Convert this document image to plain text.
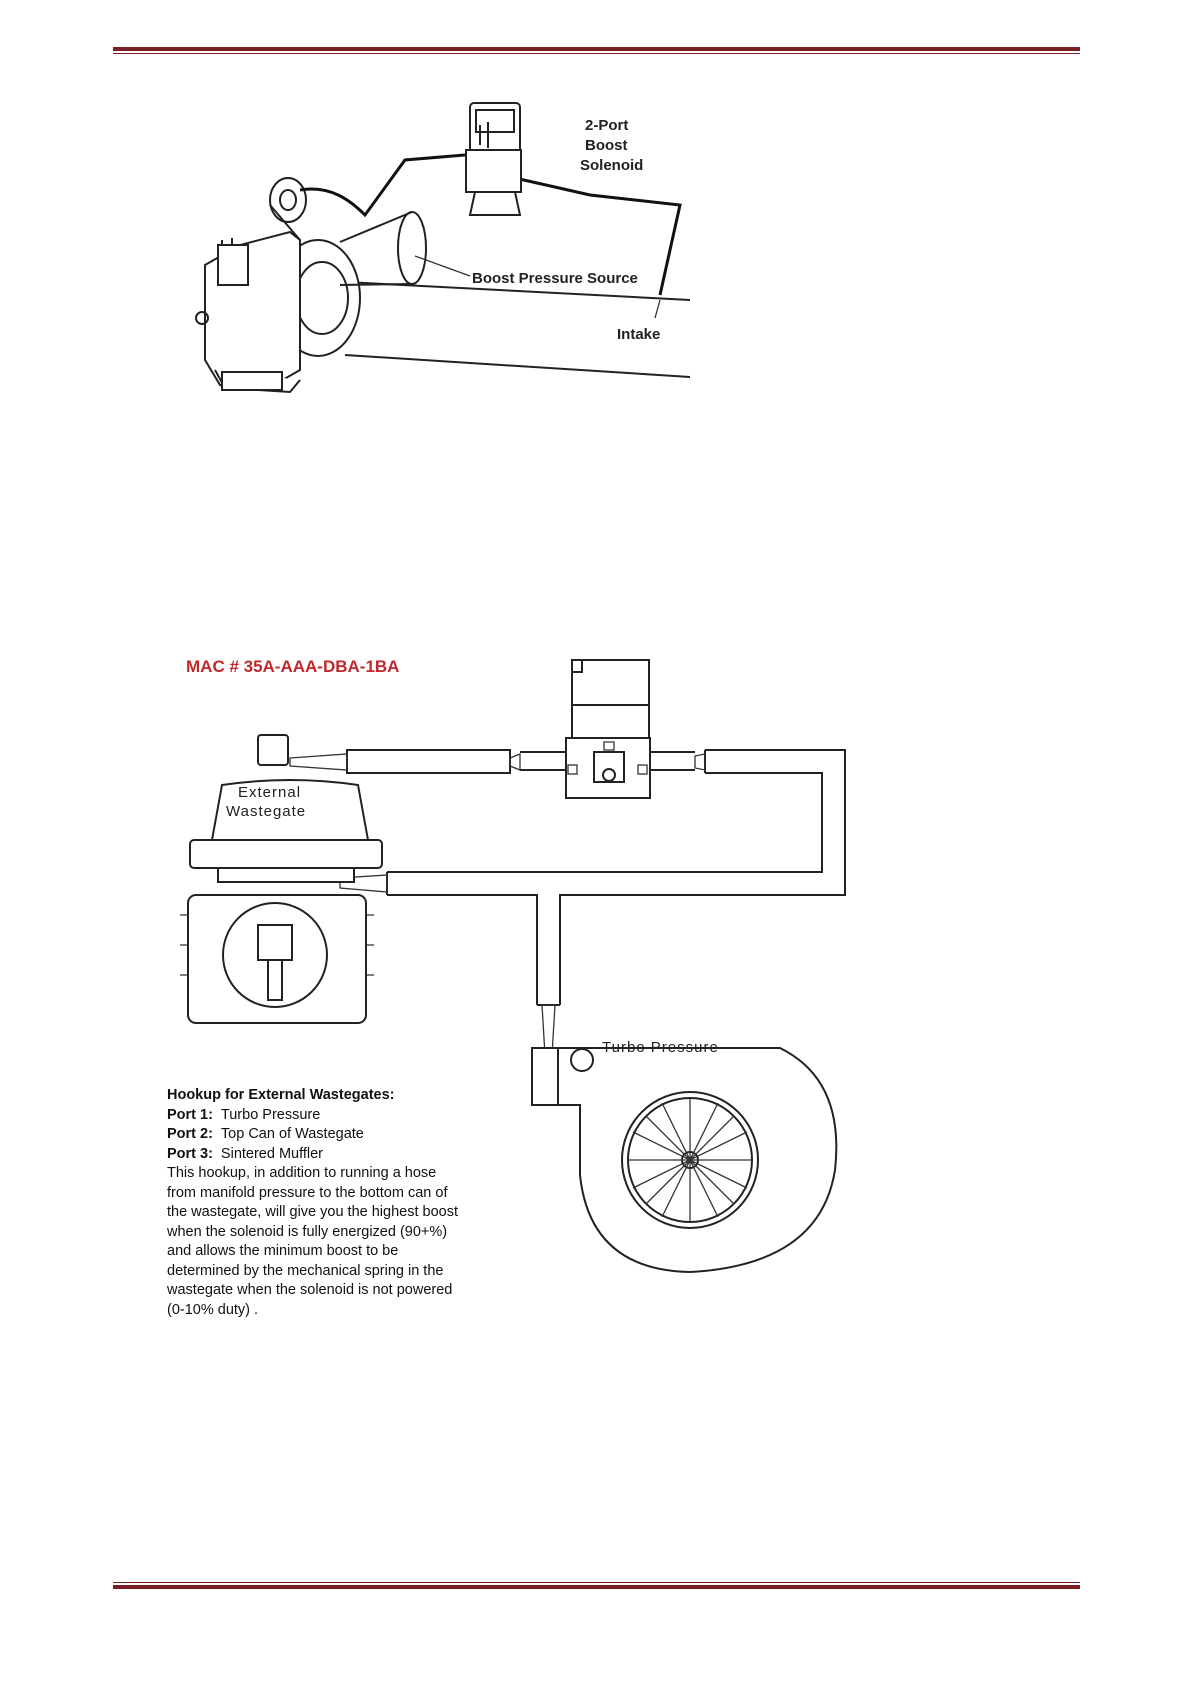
2-Port
Boost
Solenoid
Boost Pressure Source
Intake
MAC # 35A-AAA-DBA-1BA
External
Wastegate
Turbo Pressure
Hookup for External Wastegates:
Port 1: Turbo Pressure
Port 2: Top Can of Wastegate
Port 3: Sintered Muffler
This hookup, in addition to running a hose
from manifold pressure to the bottom can of
the wastegate, will give you the highest boost
when the solenoid is fully energized (90+%)
and allows the minimum boost to be
determined by the mechanical spring in the
wastegate when the solenoid is not powered
(0-10% duty) .
